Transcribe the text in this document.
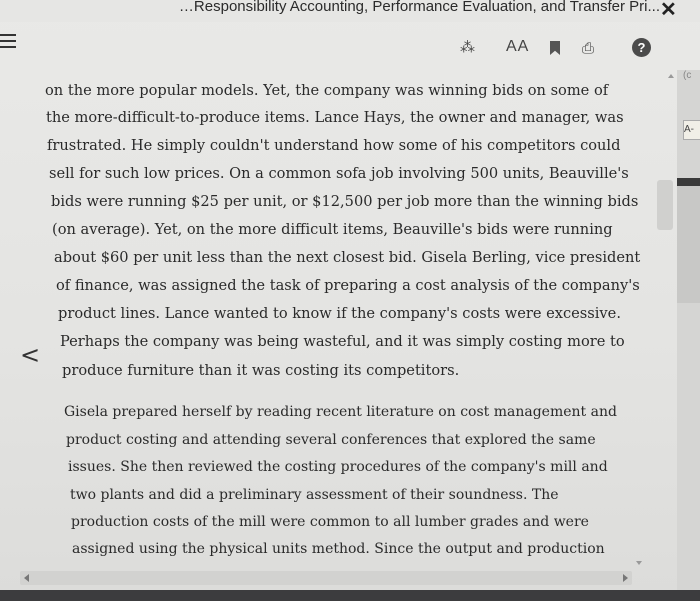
…Responsibility Accounting, Performance Evaluation, and Transfer Pri... ✕
⁂ AA	⎙	?
on the more popular models. Yet, the company was winning bids on some of
the more-difficult-to-produce items. Lance Hays, the owner and manager, was
frustrated. He simply couldn't understand how some of his competitors could
sell for such low prices. On a common sofa job involving 500 units, Beauville's
bids were running $25 per unit, or $12,500 per job more than the winning bids
(on average). Yet, on the more difficult items, Beauville's bids were running
about $60 per unit less than the next closest bid. Gisela Berling, vice president
of finance, was assigned the task of preparing a cost analysis of the company's
product lines. Lance wanted to know if the company's costs were excessive.
Perhaps the company was being wasteful, and it was simply costing more to
produce furniture than it was costing its competitors.
Gisela prepared herself by reading recent literature on cost management and
product costing and attending several conferences that explored the same
issues. She then reviewed the costing procedures of the company's mill and
two plants and did a preliminary assessment of their soundness. The
production costs of the mill were common to all lumber grades and were
assigned using the physical units method. Since the output and production
<
(c
A-
